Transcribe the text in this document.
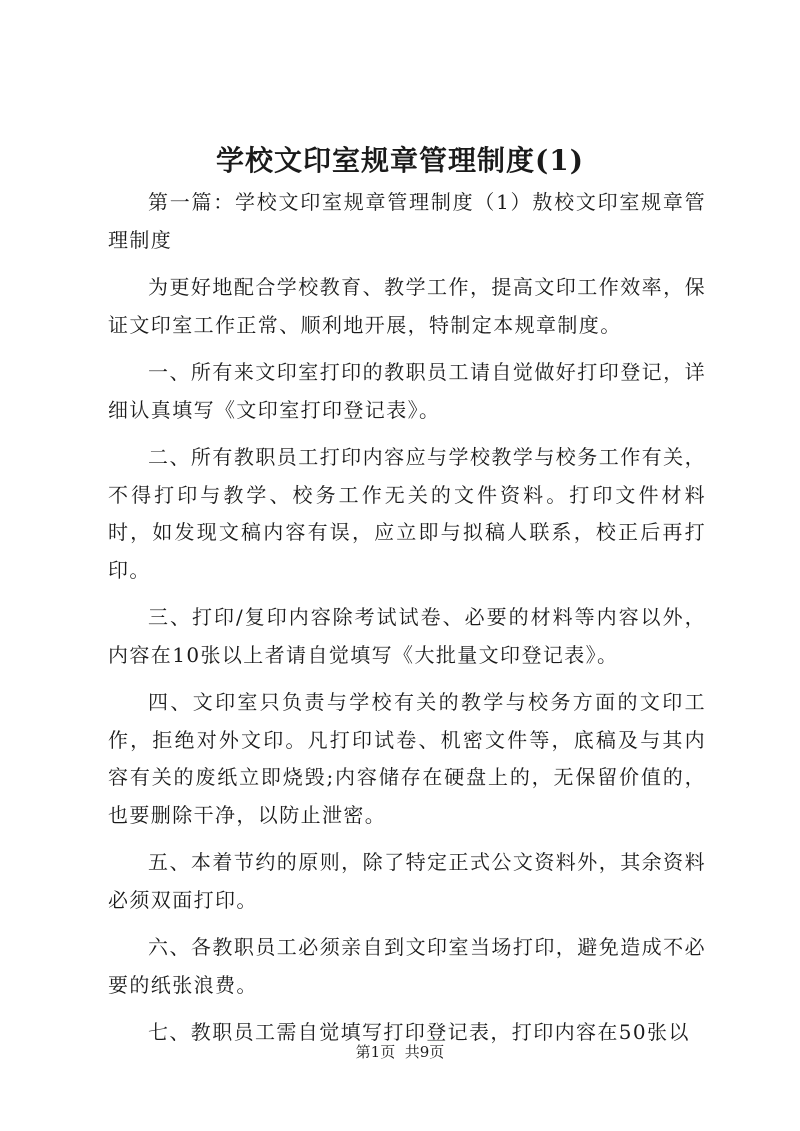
学校文印室规章管理制度(1)

第一篇：学校文印室规章管理制度（1）敖校文印室规章管理制度

为更好地配合学校教育、教学工作，提高文印工作效率，保证文印室工作正常、顺利地开展，特制定本规章制度。

一、所有来文印室打印的教职员工请自觉做好打印登记，详细认真填写《文印室打印登记表》。

二、所有教职员工打印内容应与学校教学与校务工作有关，不得打印与教学、校务工作无关的文件资料。打印文件材料时，如发现文稿内容有误，应立即与拟稿人联系，校正后再打印。

三、打印/复印内容除考试试卷、必要的材料等内容以外，内容在10张以上者请自觉填写《大批量文印登记表》。

四、文印室只负责与学校有关的教学与校务方面的文印工作，拒绝对外文印。凡打印试卷、机密文件等，底稿及与其内容有关的废纸立即烧毁;内容储存在硬盘上的，无保留价值的，也要删除干净，以防止泄密。

五、本着节约的原则，除了特定正式公文资料外，其余资料必须双面打印。

六、各教职员工必须亲自到文印室当场打印，避免造成不必要的纸张浪费。

七、教职员工需自觉填写打印登记表，打印内容在50张以

第1页 共9页
